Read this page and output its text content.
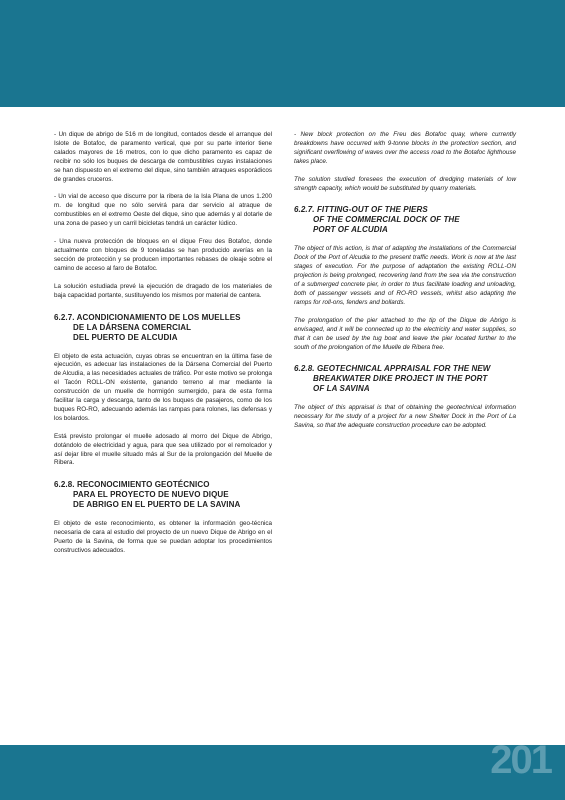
- Un dique de abrigo de 516 m de longitud, contados desde el arranque del Islote de Botafoc, de paramento vertical, que por su parte interior tiene calados mayores de 16 metros, con lo que dicho paramento es capaz de recibir no sólo los buques de descarga de combustibles cuyas instalaciones se han dispuesto en el extremo del dique, sino también atraques esporádicos de grandes cruceros.

- Un vial de acceso que discurre por la ribera de la Isla Plana de unos 1.200 m. de longitud que no sólo servirá para dar servicio al atraque de combustibles en el extremo Oeste del dique, sino que además y al dotarle de una zona de paseo y un carril bicicletas tendrá un carácter lúdico.

- Una nueva protección de bloques en el dique Freu des Botafoc, donde actualmente con bloques de 9 toneladas se han producido averías en la sección de protección y se producen importantes rebases de oleaje sobre el camino de acceso al faro de Botafoc.

La solución estudiada prevé la ejecución de dragado de los materiales de baja capacidad portante, sustituyendo los mismos por material de cantera.

6.2.7. ACONDICIONAMIENTO DE LOS MUELLES
DE LA DÁRSENA COMERCIAL
DEL PUERTO DE ALCUDIA

El objeto de esta actuación, cuyas obras se encuentran en la última fase de ejecución, es adecuar las instalaciones de la Dársena Comercial del Puerto de Alcudia, a las necesidades actuales de tráfico. Por este motivo se prolonga el Tacón ROLL-ON existente, ganando terreno al mar mediante la construcción de un muelle de hormigón sumergido, para de esta forma facilitar la carga y descarga, tanto de los buques de pasajeros, como de los buques RO-RO, adecuando además las rampas para rolones, las defensas y los bolardos.

Está previsto prolongar el muelle adosado al morro del Dique de Abrigo, dotándolo de electricidad y agua, para que sea utilizado por el remolcador y así dejar libre el muelle situado más al Sur de la prolongación del Muelle de Ribera.

6.2.8. RECONOCIMIENTO GEOTÉCNICO
PARA EL PROYECTO DE NUEVO DIQUE
DE ABRIGO EN EL PUERTO DE LA SAVINA

El objeto de este reconocimiento, es obtener la información geo-técnica necesaria de cara al estudio del proyecto de un nuevo Dique de Abrigo en el Puerto de la Savina, de forma que se puedan adoptar los procedimientos constructivos adecuados.

- New block protection on the Freu des Botafoc quay, where currently breakdowns have occurred with 9-tonne blocks in the protection section, and significant overflowing of waves over the access road to the Botafoc lighthouse takes place.

The solution studied foresees the execution of dredging materials of low strength capacity, which would be substituted by quarry materials.

6.2.7. FITTING-OUT OF THE PIERS
OF THE COMMERCIAL DOCK OF THE
PORT OF ALCUDIA

The object of this action, is that of adapting the installations of the Commercial Dock of the Port of Alcudia to the present traffic needs. Work is now at the last stages of execution. For the purpose of adaptation the existing ROLL-ON projection is being prolonged, recovering land from the sea via the construction of a submerged concrete pier, in order to thus facilitate loading and unloading, both of passenger vessels and of RO-RO vessels, whilst also adapting the ramps for roll-ons, fenders and bollards.

The prolongation of the pier attached to the tip of the Dique de Abrigo is envisaged, and it will be connected up to the electricity and water supplies, so that it can be used by the tug boat and leave the pier located further to the south of the prolongation of the Muelle de Ribera free.

6.2.8. GEOTECHNICAL APPRAISAL FOR THE NEW
BREAKWATER DIKE PROJECT IN THE PORT
OF LA SAVINA

The object of this appraisal is that of obtaining the geotechnical information necessary for the study of a project for a new Shelter Dock in the Port of La Savina, so that the adequate construction procedure can be adopted.

201
